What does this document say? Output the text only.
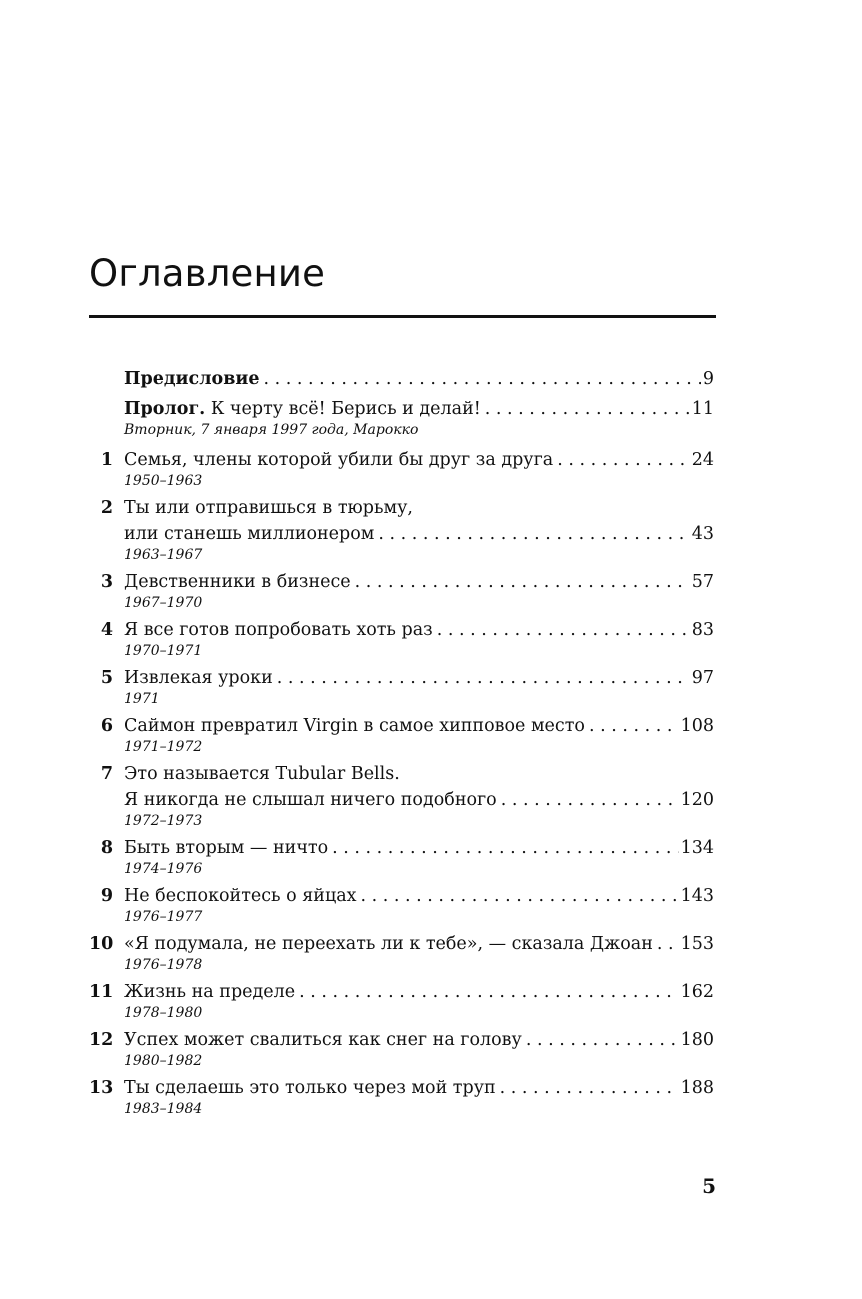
Оглавление
Предисловие . . .	9
Пролог. К черту всё! Берись и делай! . . .	11
Вторник, 7 января 1997 года, Марокко
1 Семья, члены которой убили бы друг за друга . . .	24
1950–1963
2 Ты или отправишься в тюрьму,
или станешь миллионером . . .	43
1963–1967
3 Девственники в бизнесе . . .	57
1967–1970
4 Я все готов попробовать хоть раз . . .	83
1970–1971
5 Извлекая уроки . . .	97
1971
6 Саймон превратил Virgin в самое хипповое место . . .	108
1971–1972
7 Это называется Tubular Bells.
Я никогда не слышал ничего подобного . . .	120
1972–1973
8 Быть вторым — ничто . . .	134
1974–1976
9 Не беспокойтесь о яйцах . . .	143
1976–1977
10 «Я подумала, не переехать ли к тебе», — сказала Джоан . . . 153
1976–1978
11 Жизнь на пределе . . .	162
1978–1980
12 Успех может свалиться как снег на голову . . .	180
1980–1982
13 Ты сделаешь это только через мой труп . . .	188
1983–1984
5
